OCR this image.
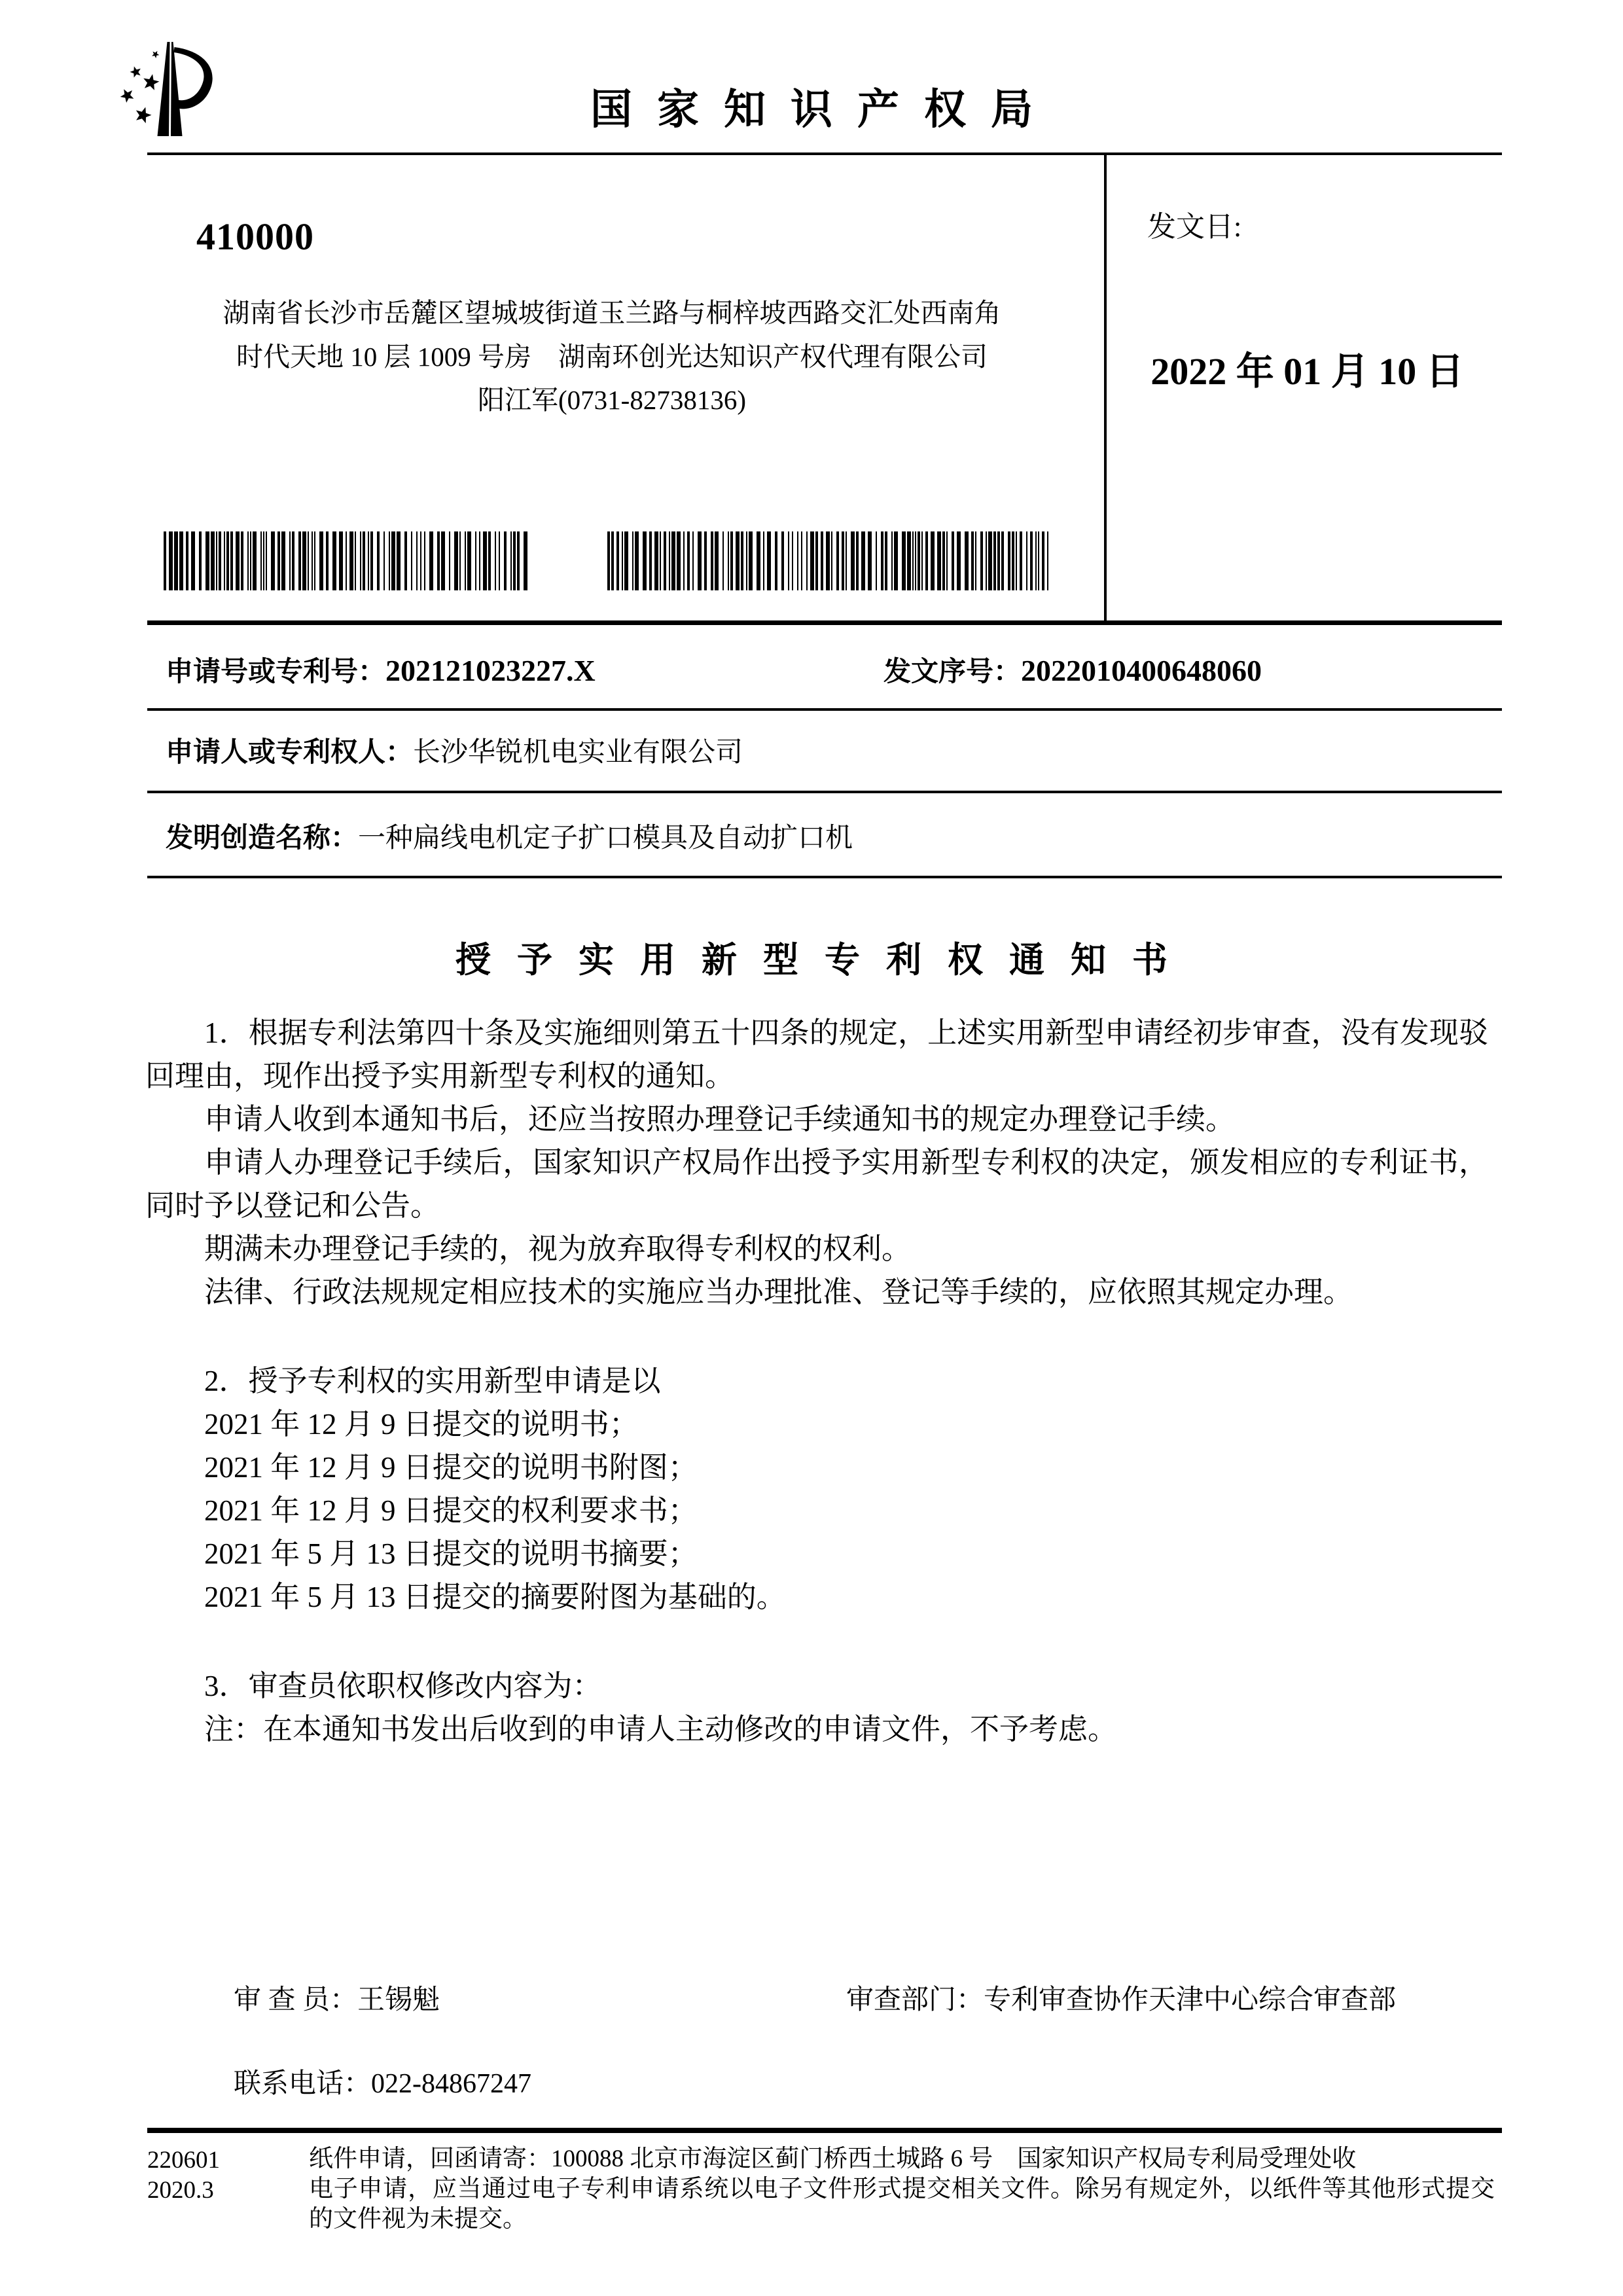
国家知识产权局
410000
湖南省长沙市岳麓区望城坡街道玉兰路与桐梓坡西路交汇处西南角
时代天地 10 层 1009 号房　湖南环创光达知识产权代理有限公司
阳江军(0731-82738136)
发文日:
2022 年 01 月 10 日
申请号或专利号：202121023227.X	发文序号：2022010400648060
申请人或专利权人：长沙华锐机电实业有限公司
发明创造名称：一种扁线电机定子扩口模具及自动扩口机
授予实用新型专利权通知书

1．根据专利法第四十条及实施细则第五十四条的规定，上述实用新型申请经初步审查，没有发现驳回理由，现作出授予实用新型专利权的通知。

申请人收到本通知书后，还应当按照办理登记手续通知书的规定办理登记手续。

申请人办理登记手续后，国家知识产权局作出授予实用新型专利权的决定，颁发相应的专利证书，同时予以登记和公告。

期满未办理登记手续的，视为放弃取得专利权的权利。

法律、行政法规规定相应技术的实施应当办理批准、登记等手续的，应依照其规定办理。

2．授予专利权的实用新型申请是以

2021 年 12 月 9 日提交的说明书；

2021 年 12 月 9 日提交的说明书附图；

2021 年 12 月 9 日提交的权利要求书；

2021 年 5 月 13 日提交的说明书摘要；

2021 年 5 月 13 日提交的摘要附图为基础的。

3．审查员依职权修改内容为：

注：在本通知书发出后收到的申请人主动修改的申请文件，不予考虑。

审 查 员：王锡魁	审查部门：专利审查协作天津中心综合审查部
联系电话：022-84867247
220601
2020.3

纸件申请，回函请寄：100088 北京市海淀区蓟门桥西土城路 6 号　国家知识产权局专利局受理处收

电子申请，应当通过电子专利申请系统以电子文件形式提交相关文件。除另有规定外，以纸件等其他形式提交的文件视为未提交。
